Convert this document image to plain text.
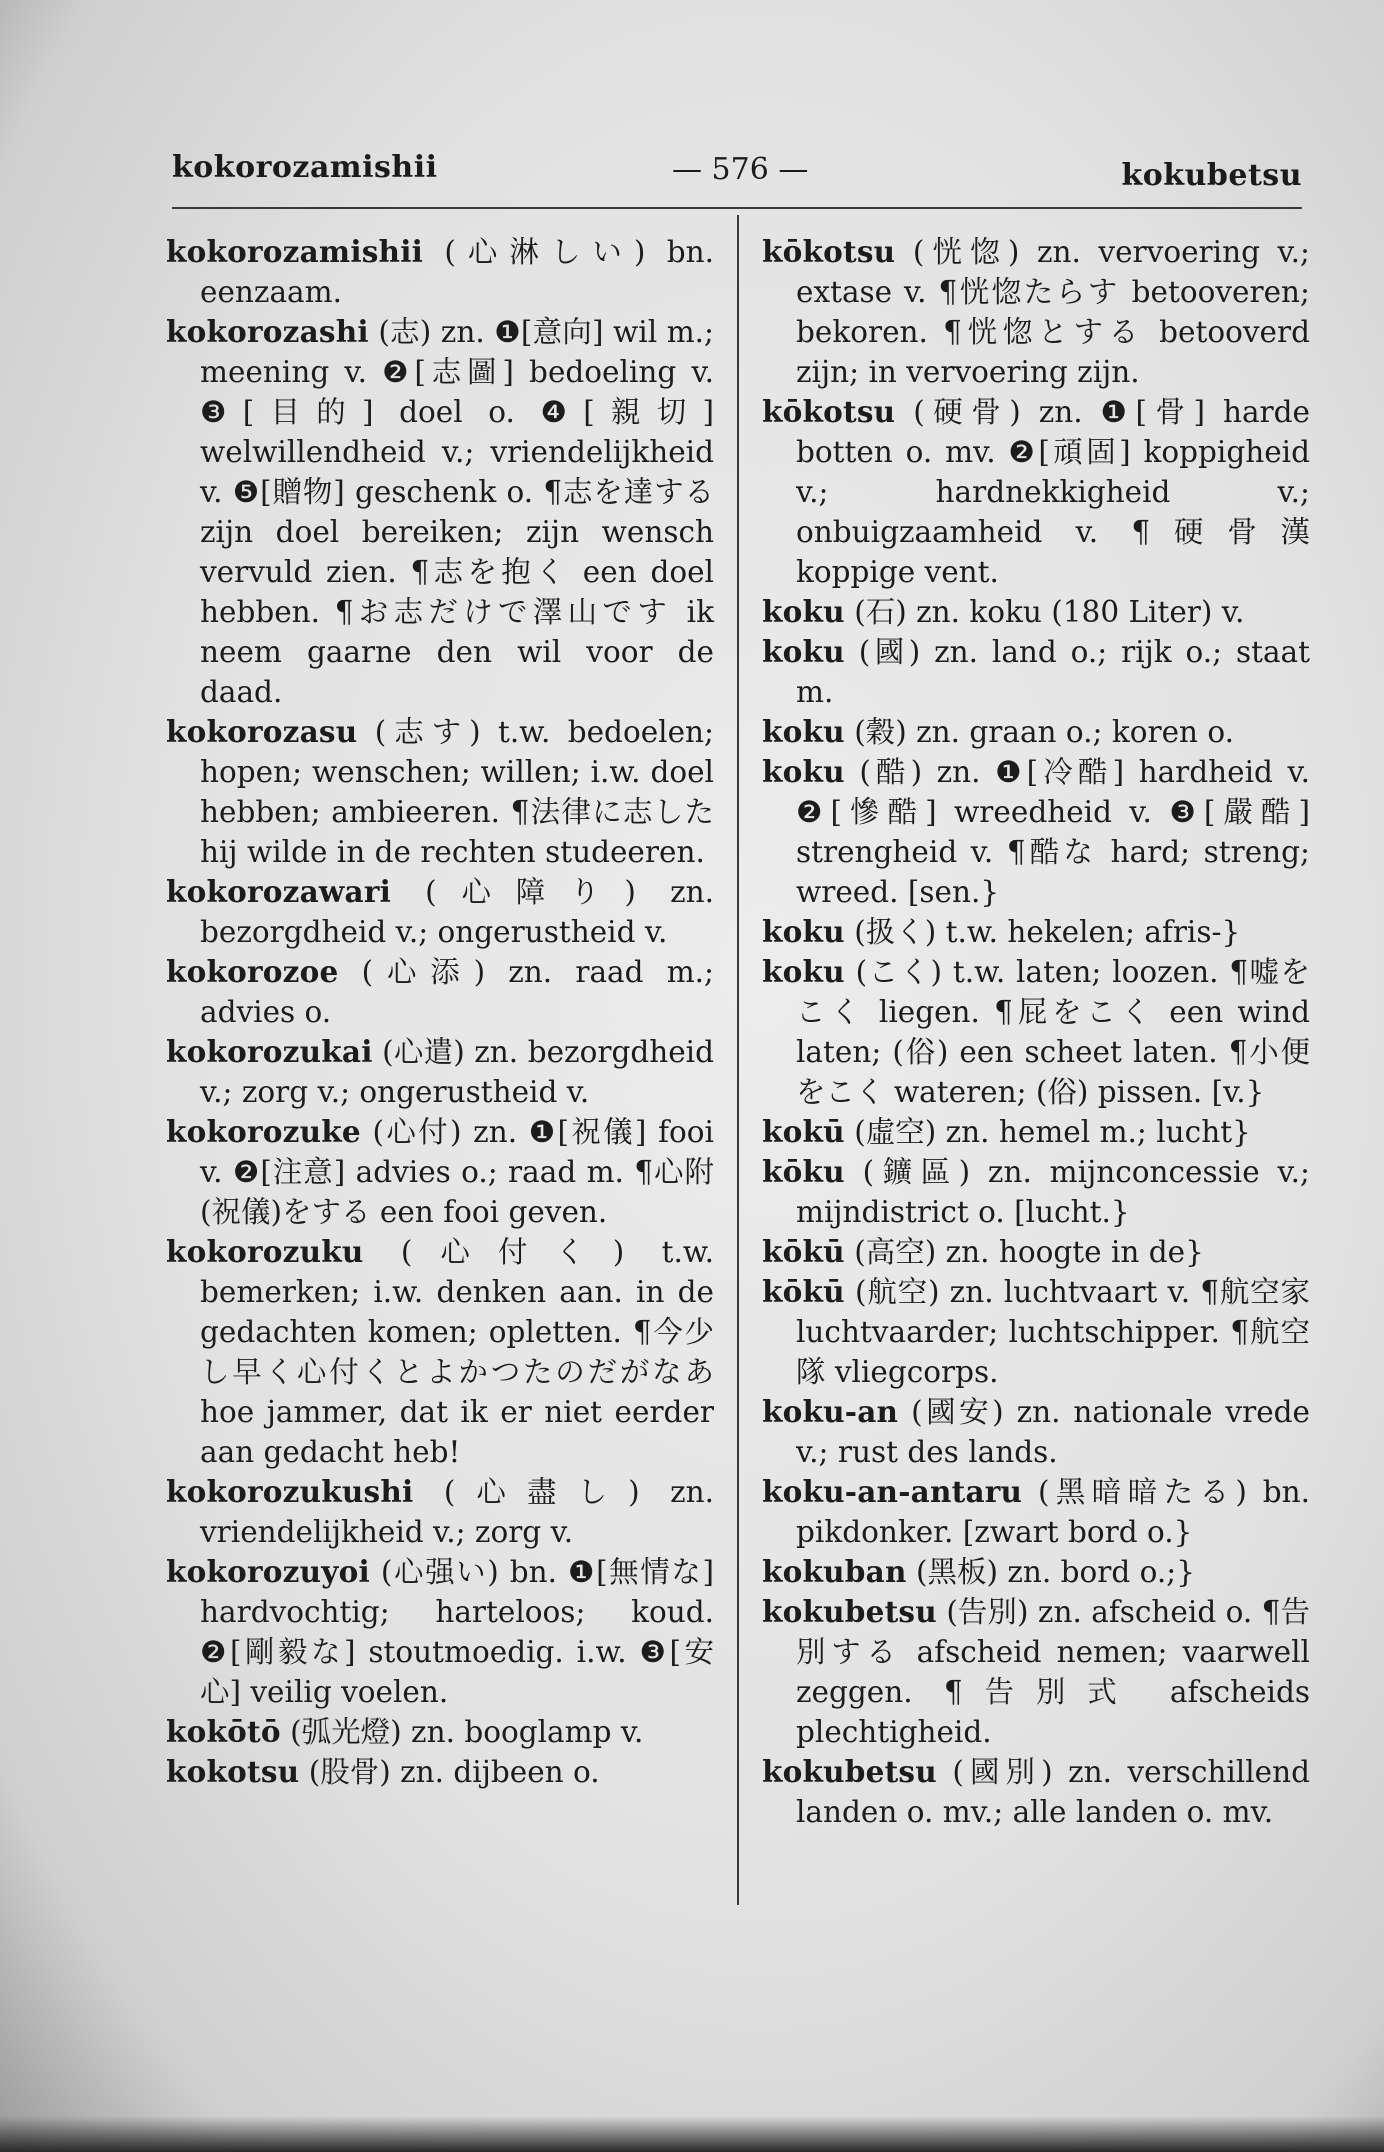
kokorozamishii	— 576 —	kokubetsu

kokorozamishii (心淋しい) bn. eenzaam.

kokorozashi (志) zn. ❶[意向] wil m.; meening v. ❷[志圖] bedoeling v. ❸[目的] doel o. ❹[親切] welwillendheid v.; vriendelijkheid v. ❺[贈物] geschenk o. ¶志を達する zijn doel bereiken; zijn wensch vervuld zien. ¶志を抱く een doel hebben. ¶お志だけで澤山です ik neem gaarne den wil voor de daad.

kokorozasu (志す) t.w. bedoelen; hopen; wenschen; willen; i.w. doel hebben; ambieeren. ¶法律に志した hij wilde in de rechten studeeren.

kokorozawari (心障り) zn. bezorgdheid v.; ongerustheid v.

kokorozoe (心添) zn. raad m.; advies o.

kokorozukai (心遣) zn. bezorgdheid v.; zorg v.; ongerustheid v.

kokorozuke (心付) zn. ❶[祝儀] fooi v. ❷[注意] advies o.; raad m. ¶心附(祝儀)をする een fooi geven.

kokorozuku (心付く) t.w. bemerken; i.w. denken aan. in de gedachten komen; opletten. ¶今少し早く心付くとよかつたのだがなあ hoe jammer, dat ik er niet eerder aan gedacht heb!

kokorozukushi (心盡し) zn. vriendelijkheid v.; zorg v.

kokorozuyoi (心强い) bn. ❶[無情な] hardvochtig; harteloos; koud. ❷[剛毅な] stoutmoedig. i.w. ❸[安心] veilig voelen.

kokōtō (弧光燈) zn. booglamp v.

kokotsu (股骨) zn. dijbeen o.

kōkotsu (恍惚) zn. vervoering v.; extase v. ¶恍惚たらす betooveren; bekoren. ¶恍惚とする betooverd zijn; in vervoering zijn.

kōkotsu (硬骨) zn. ❶[骨] harde botten o. mv. ❷[頑固] koppigheid v.; hardnekkigheid v.; onbuigzaamheid v. ¶硬骨漢 koppige vent.

koku (石) zn. koku (180 Liter) v.

koku (國) zn. land o.; rijk o.; staat m.

koku (穀) zn. graan o.; koren o.

koku (酷) zn. ❶[冷酷] hardheid v. ❷[慘酷] wreedheid v. ❸[嚴酷] strengheid v. ¶酷な hard; streng; wreed. [sen.}

koku (扱く) t.w. hekelen; afris-}

koku (こく) t.w. laten; loozen. ¶嘘をこく liegen. ¶屁をこく een wind laten; (俗) een scheet laten. ¶小便をこく wateren; (俗) pissen. [v.}

kokū (虛空) zn. hemel m.; lucht}

kōku (鑛區) zn. mijnconcessie v.; mijndistrict o. [lucht.}

kōkū (高空) zn. hoogte in de}

kōkū (航空) zn. luchtvaart v. ¶航空家 luchtvaarder; luchtschipper. ¶航空隊 vliegcorps.

koku-an (國安) zn. nationale vrede v.; rust des lands.

koku-an-antaru (黑暗暗たる) bn. pikdonker. [zwart bord o.}

kokuban (黑板) zn. bord o.;}

kokubetsu (告別) zn. afscheid o. ¶告別する afscheid nemen; vaarwell zeggen. ¶告別式 afscheids plechtigheid.

kokubetsu (國別) zn. verschillend landen o. mv.; alle landen o. mv.
